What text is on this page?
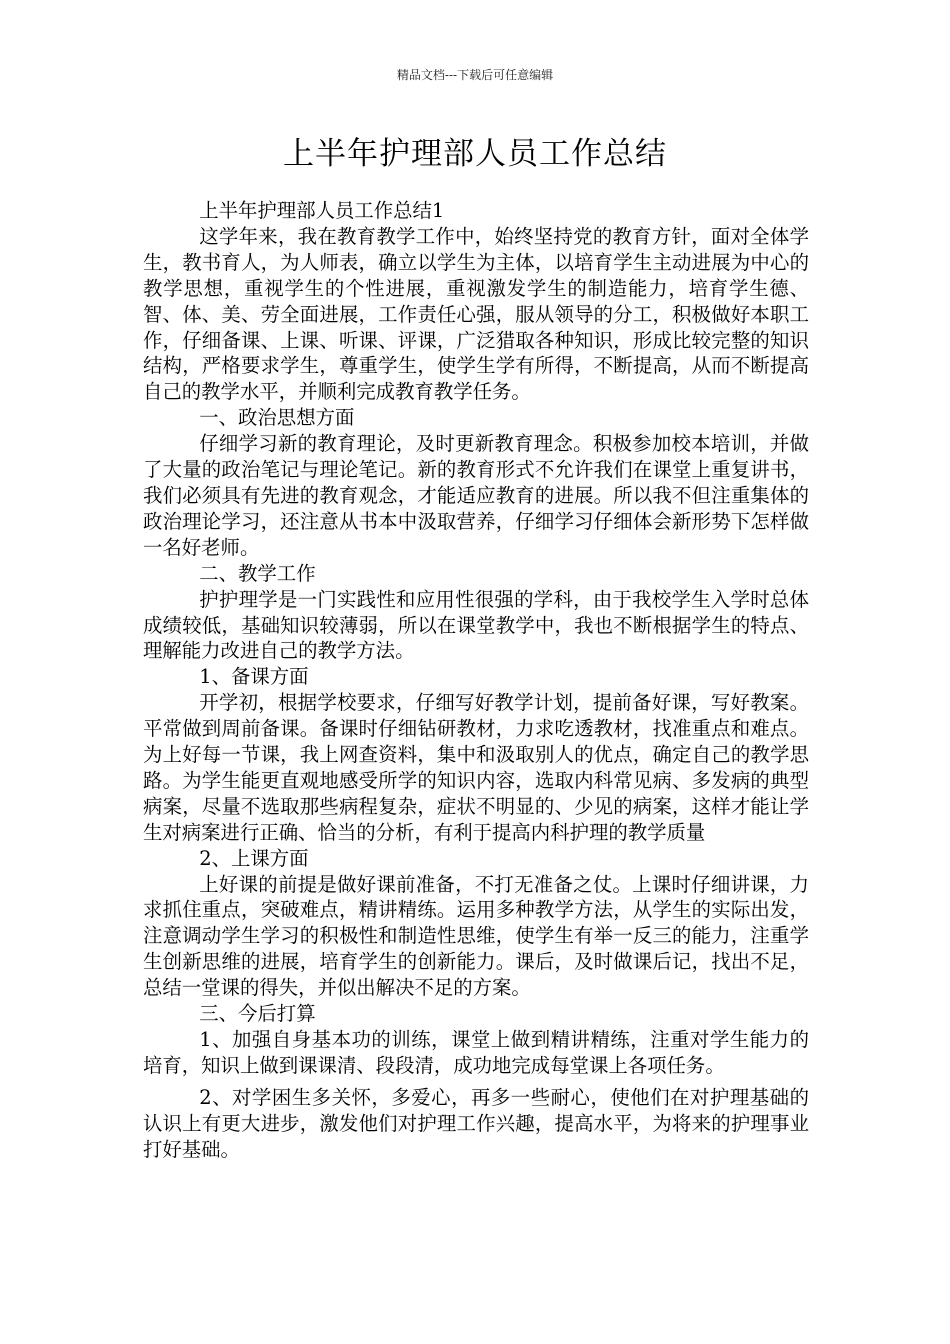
精品文档---下载后可任意编辑
上半年护理部人员工作总结

上半年护理部人员工作总结1

这学年来，我在教育教学工作中，始终坚持党的教育方针，面对全体学生，教书育人，为人师表，确立以学生为主体，以培育学生主动进展为中心的教学思想，重视学生的个性进展，重视激发学生的制造能力，培育学生德、智、体、美、劳全面进展，工作责任心强，服从领导的分工，积极做好本职工作，仔细备课、上课、听课、评课，广泛猎取各种知识，形成比较完整的知识结构，严格要求学生，尊重学生，使学生学有所得，不断提高，从而不断提高自己的教学水平，并顺利完成教育教学任务。

一、政治思想方面

仔细学习新的教育理论，及时更新教育理念。积极参加校本培训，并做了大量的政治笔记与理论笔记。新的教育形式不允许我们在课堂上重复讲书，我们必须具有先进的教育观念，才能适应教育的进展。所以我不但注重集体的政治理论学习，还注意从书本中汲取营养，仔细学习仔细体会新形势下怎样做一名好老师。

二、教学工作

护护理学是一门实践性和应用性很强的学科，由于我校学生入学时总体成绩较低，基础知识较薄弱，所以在课堂教学中，我也不断根据学生的特点、理解能力改进自己的教学方法。

1、备课方面

开学初，根据学校要求，仔细写好教学计划，提前备好课，写好教案。平常做到周前备课。备课时仔细钻研教材，力求吃透教材，找准重点和难点。为上好每一节课，我上网查资料，集中和汲取别人的优点，确定自己的教学思路。为学生能更直观地感受所学的知识内容，选取内科常见病、多发病的典型病案，尽量不选取那些病程复杂，症状不明显的、少见的病案，这样才能让学生对病案进行正确、恰当的分析，有利于提高内科护理的教学质量

2、上课方面

上好课的前提是做好课前准备，不打无准备之仗。上课时仔细讲课，力求抓住重点，突破难点，精讲精练。运用多种教学方法，从学生的实际出发，注意调动学生学习的积极性和制造性思维，使学生有举一反三的能力，注重学生创新思维的进展，培育学生的创新能力。课后，及时做课后记，找出不足，总结一堂课的得失，并似出解决不足的方案。

三、今后打算

1、加强自身基本功的训练，课堂上做到精讲精练，注重对学生能力的培育，知识上做到课课清、段段清，成功地完成每堂课上各项任务。

2、对学困生多关怀，多爱心，再多一些耐心，使他们在对护理基础的认识上有更大进步，激发他们对护理工作兴趣，提高水平，为将来的护理事业打好基础。
